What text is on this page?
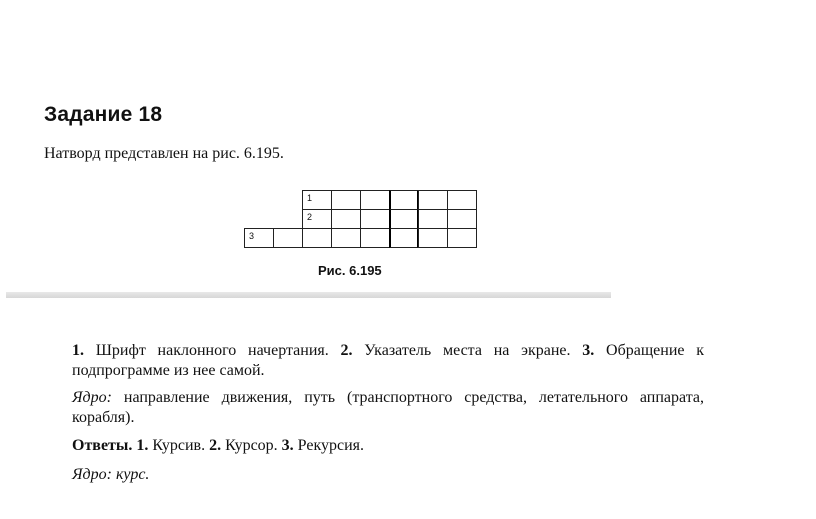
Задание 18
Натворд представлен на рис. 6.195.
1
2
3
Рис. 6.195
1. Шрифт наклонного начертания. 2. Указатель места на экране. 3. Обращение к подпрограмме из нее самой.
Ядро: направление движения, путь (транспортного средства, летательного аппарата, корабля).
Ответы. 1. Курсив. 2. Курсор. 3. Рекурсия.
Ядро: курс.
